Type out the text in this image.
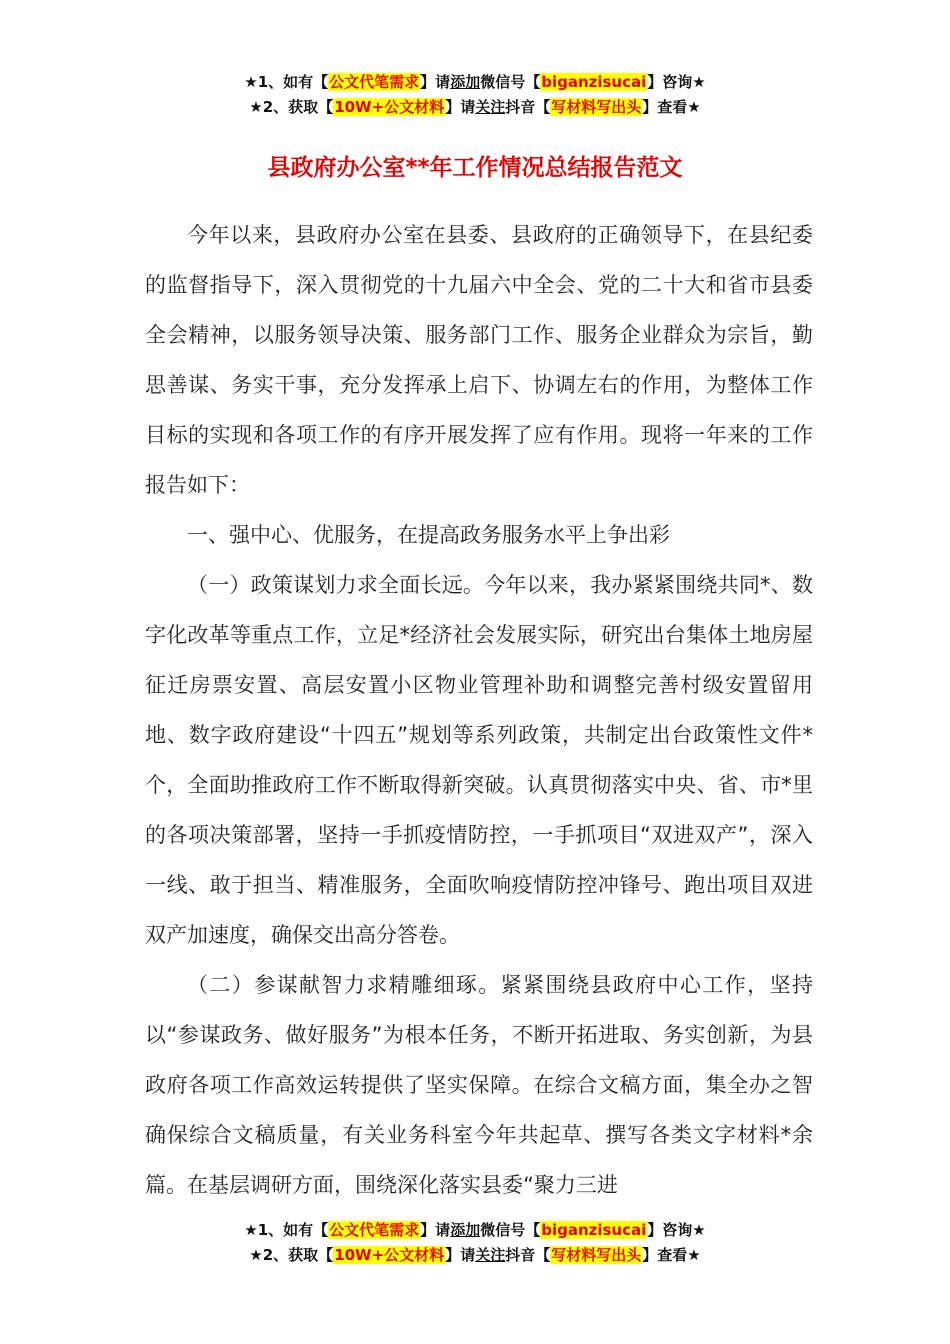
★1、如有【公文代笔需求】请添加微信号【biganzisucai】咨询★
★2、获取【10W+公文材料】请关注抖音【写材料写出头】查看★
县政府办公室**年工作情况总结报告范文

今年以来，县政府办公室在县委、县政府的正确领导下，在县纪委的监督指导下，深入贯彻党的十九届六中全会、党的二十大和省市县委全会精神，以服务领导决策、服务部门工作、服务企业群众为宗旨，勤思善谋、务实干事，充分发挥承上启下、协调左右的作用，为整体工作目标的实现和各项工作的有序开展发挥了应有作用。现将一年来的工作报告如下：

一、强中心、优服务，在提高政务服务水平上争出彩

（一）政策谋划力求全面长远。今年以来，我办紧紧围绕共同*、数字化改革等重点工作，立足*经济社会发展实际，研究出台集体土地房屋征迁房票安置、高层安置小区物业管理补助和调整完善村级安置留用地、数字政府建设“十四五”规划等系列政策，共制定出台政策性文件*个，全面助推政府工作不断取得新突破。认真贯彻落实中央、省、市*里的各项决策部署，坚持一手抓疫情防控，一手抓项目“双进双产”，深入一线、敢于担当、精准服务，全面吹响疫情防控冲锋号、跑出项目双进双产加速度，确保交出高分答卷。

（二）参谋献智力求精雕细琢。紧紧围绕县政府中心工作，坚持以“参谋政务、做好服务”为根本任务，不断开拓进取、务实创新，为县政府各项工作高效运转提供了坚实保障。在综合文稿方面，集全办之智确保综合文稿质量，有关业务科室今年共起草、撰写各类文字材料*余篇。在基层调研方面，围绕深化落实县委“聚力三进

★1、如有【公文代笔需求】请添加微信号【biganzisucai】咨询★
★2、获取【10W+公文材料】请关注抖音【写材料写出头】查看★
